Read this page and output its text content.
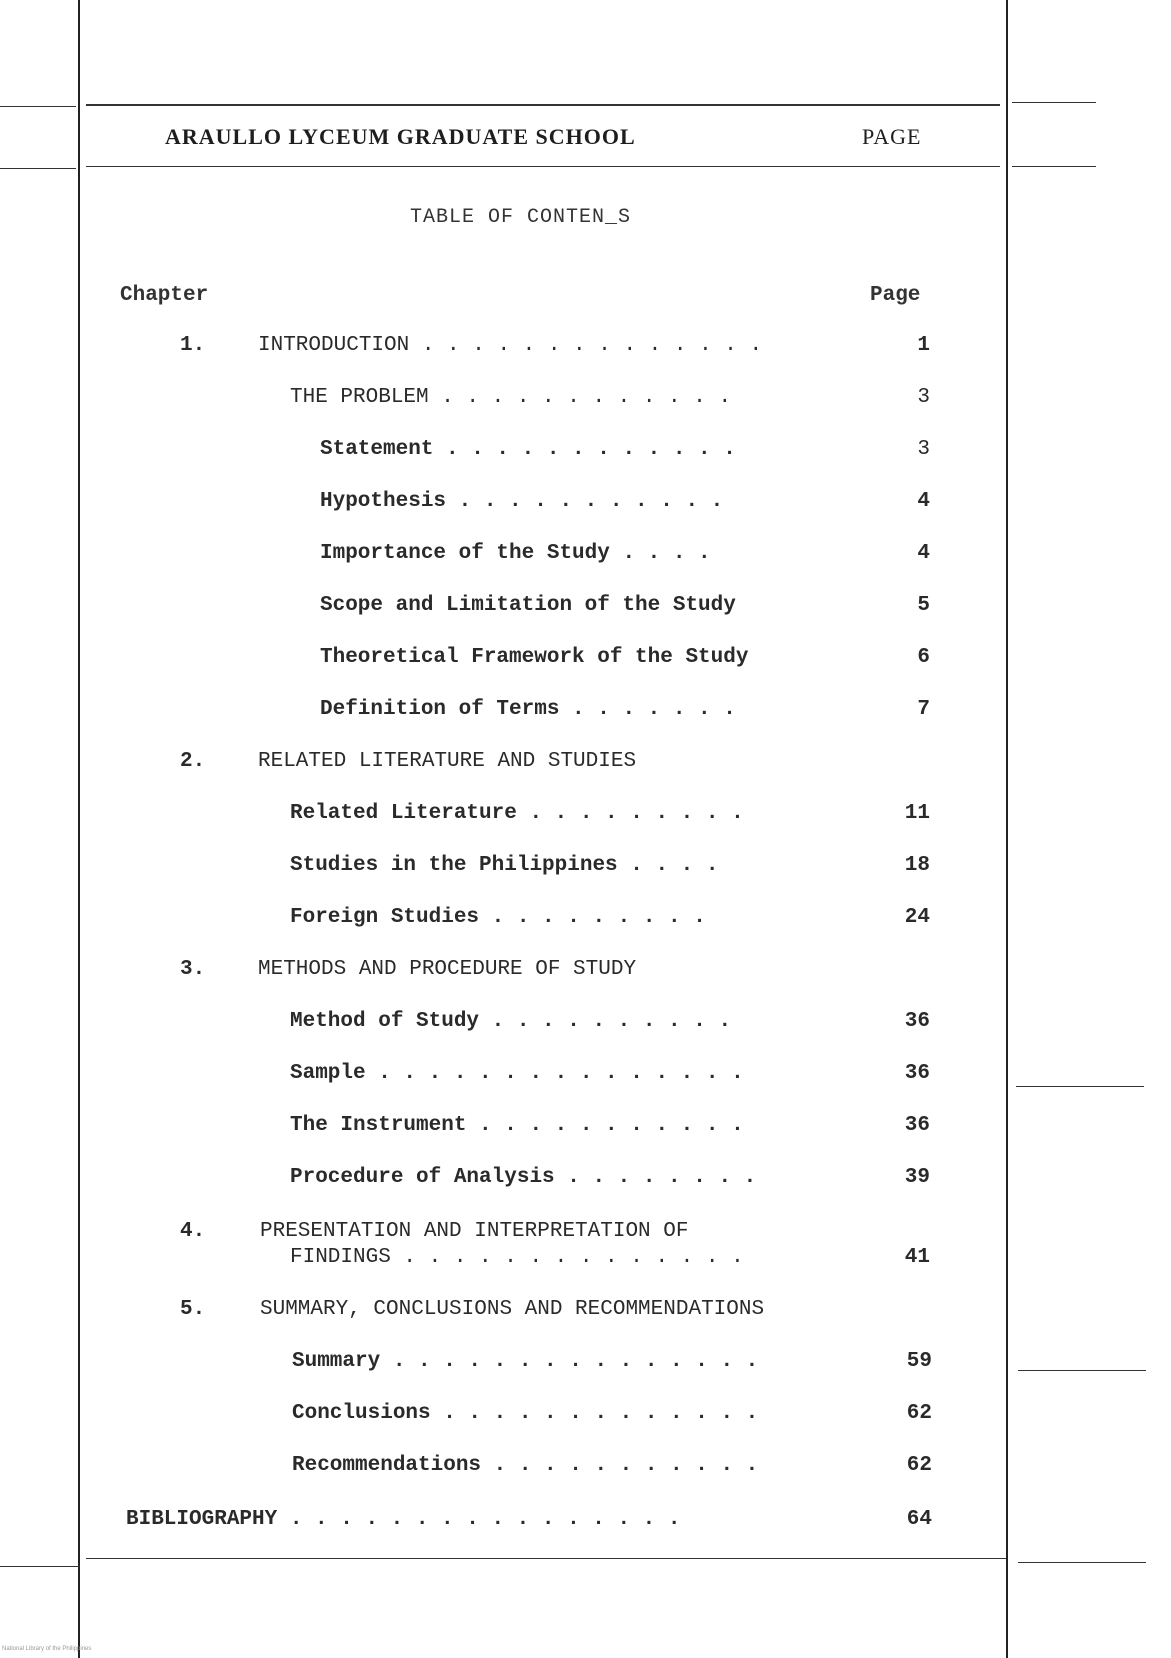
ARAULLO LYCEUM GRADUATE SCHOOL	PAGE
TABLE OF CONTEN_S
Chapter	Page
1.	INTRODUCTION . . . . . . . . . . . . . .	1
THE PROBLEM . . . . . . . . . . . .	3
Statement . . . . . . . . . . . .	3
Hypothesis . . . . . . . . . . .	4
Importance of the Study . . . .	4
Scope and Limitation of the Study	5
Theoretical Framework of the Study	6
Definition of Terms . . . . . . .	7
2.	RELATED LITERATURE AND STUDIES
Related Literature . . . . . . . . .	11
Studies in the Philippines . . . .	18
Foreign Studies . . . . . . . . .	24
3.	METHODS AND PROCEDURE OF STUDY
Method of Study . . . . . . . . . .	36
Sample . . . . . . . . . . . . . . .	36
The Instrument . . . . . . . . . . .	36
Procedure of Analysis . . . . . . . .	39
4.	PRESENTATION AND INTERPRETATION OF
FINDINGS . . . . . . . . . . . . . .	41
5.	SUMMARY, CONCLUSIONS AND RECOMMENDATIONS
Summary . . . . . . . . . . . . . . .	59
Conclusions . . . . . . . . . . . . .	62
Recommendations . . . . . . . . . . .	62
BIBLIOGRAPHY . . . . . . . . . . . . . . . .	64
National Library of the Philippines
